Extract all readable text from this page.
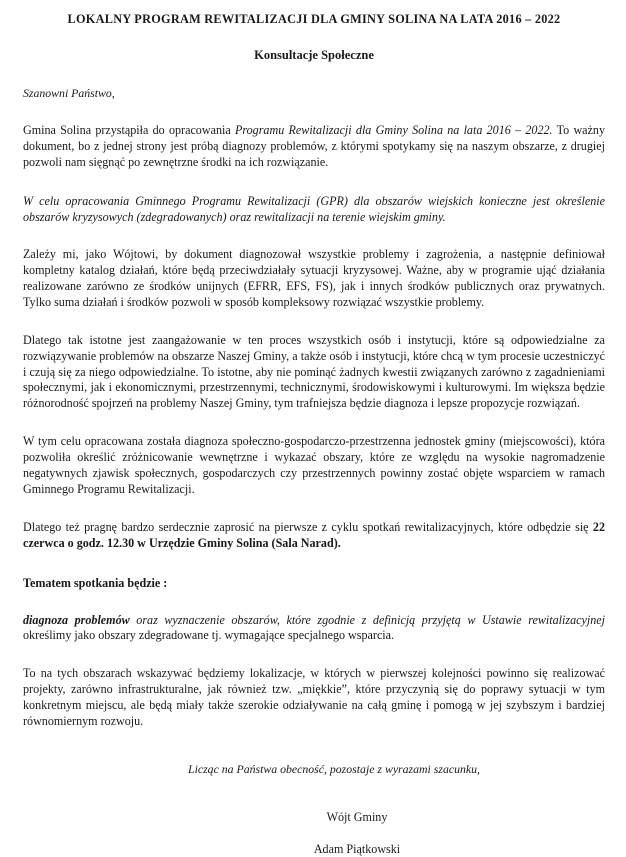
LOKALNY PROGRAM REWITALIZACJI DLA GMINY SOLINA NA LATA 2016 – 2022
Konsultacje Społeczne

Szanowni Państwo,

Gmina Solina przystąpiła do opracowania Programu Rewitalizacji dla Gminy Solina na lata 2016 – 2022. To ważny dokument, bo z jednej strony jest próbą diagnozy problemów, z którymi spotykamy się na naszym obszarze, z drugiej pozwoli nam sięgnąć po zewnętrzne środki na ich rozwiązanie.

W celu opracowania Gminnego Programu Rewitalizacji (GPR) dla obszarów wiejskich konieczne jest określenie obszarów kryzysowych (zdegradowanych) oraz rewitalizacji na terenie wiejskim gminy.

Zależy mi, jako Wójtowi, by dokument diagnozował wszystkie problemy i zagrożenia, a następnie definiował kompletny katalog działań, które będą przeciwdziałały sytuacji kryzysowej. Ważne, aby w programie ująć działania realizowane zarówno ze środków unijnych (EFRR, EFS, FS), jak i innych środków publicznych oraz prywatnych. Tylko suma działań i środków pozwoli w sposób kompleksowy rozwiązać wszystkie problemy.

Dlatego tak istotne jest zaangażowanie w ten proces wszystkich osób i instytucji, które są odpowiedzialne za rozwiązywanie problemów na obszarze Naszej Gminy, a także osób i instytucji, które chcą w tym procesie uczestniczyć i czują się za niego odpowiedzialne. To istotne, aby nie pominąć żadnych kwestii związanych zarówno z zagadnieniami społecznymi, jak i ekonomicznymi, przestrzennymi, technicznymi, środowiskowymi i kulturowymi. Im większa będzie różnorodność spojrzeń na problemy Naszej Gminy, tym trafniejsza będzie diagnoza i lepsze propozycje rozwiązań.

W tym celu opracowana została diagnoza społeczno-gospodarczo-przestrzenna jednostek gminy (miejscowości), która pozwoliła określić zróżnicowanie wewnętrzne i wykazać obszary, które ze względu na wysokie nagromadzenie negatywnych zjawisk społecznych, gospodarczych czy przestrzennych powinny zostać objęte wsparciem w ramach Gminnego Programu Rewitalizacji.

Dlatego też pragnę bardzo serdecznie zaprosić na pierwsze z cyklu spotkań rewitalizacyjnych, które odbędzie się 22 czerwca o godz. 12.30 w Urzędzie Gminy Solina (Sala Narad).

Tematem spotkania będzie :

diagnoza problemów oraz wyznaczenie obszarów, które zgodnie z definicją przyjętą w Ustawie rewitalizacyjnej określimy jako obszary zdegradowane tj. wymagające specjalnego wsparcia.

To na tych obszarach wskazywać będziemy lokalizacje, w których w pierwszej kolejności powinno się realizować projekty, zarówno infrastrukturalne, jak również tzw. „miękkie”, które przyczynią się do poprawy sytuacji w tym konkretnym miejscu, ale będą miały także szerokie odziaływanie na całą gminę i pomogą w jej szybszym i bardziej równomiernym rozwoju.

Licząc na Państwa obecność, pozostaje z wyrazami szacunku,

Wójt Gminy

Adam Piątkowski
